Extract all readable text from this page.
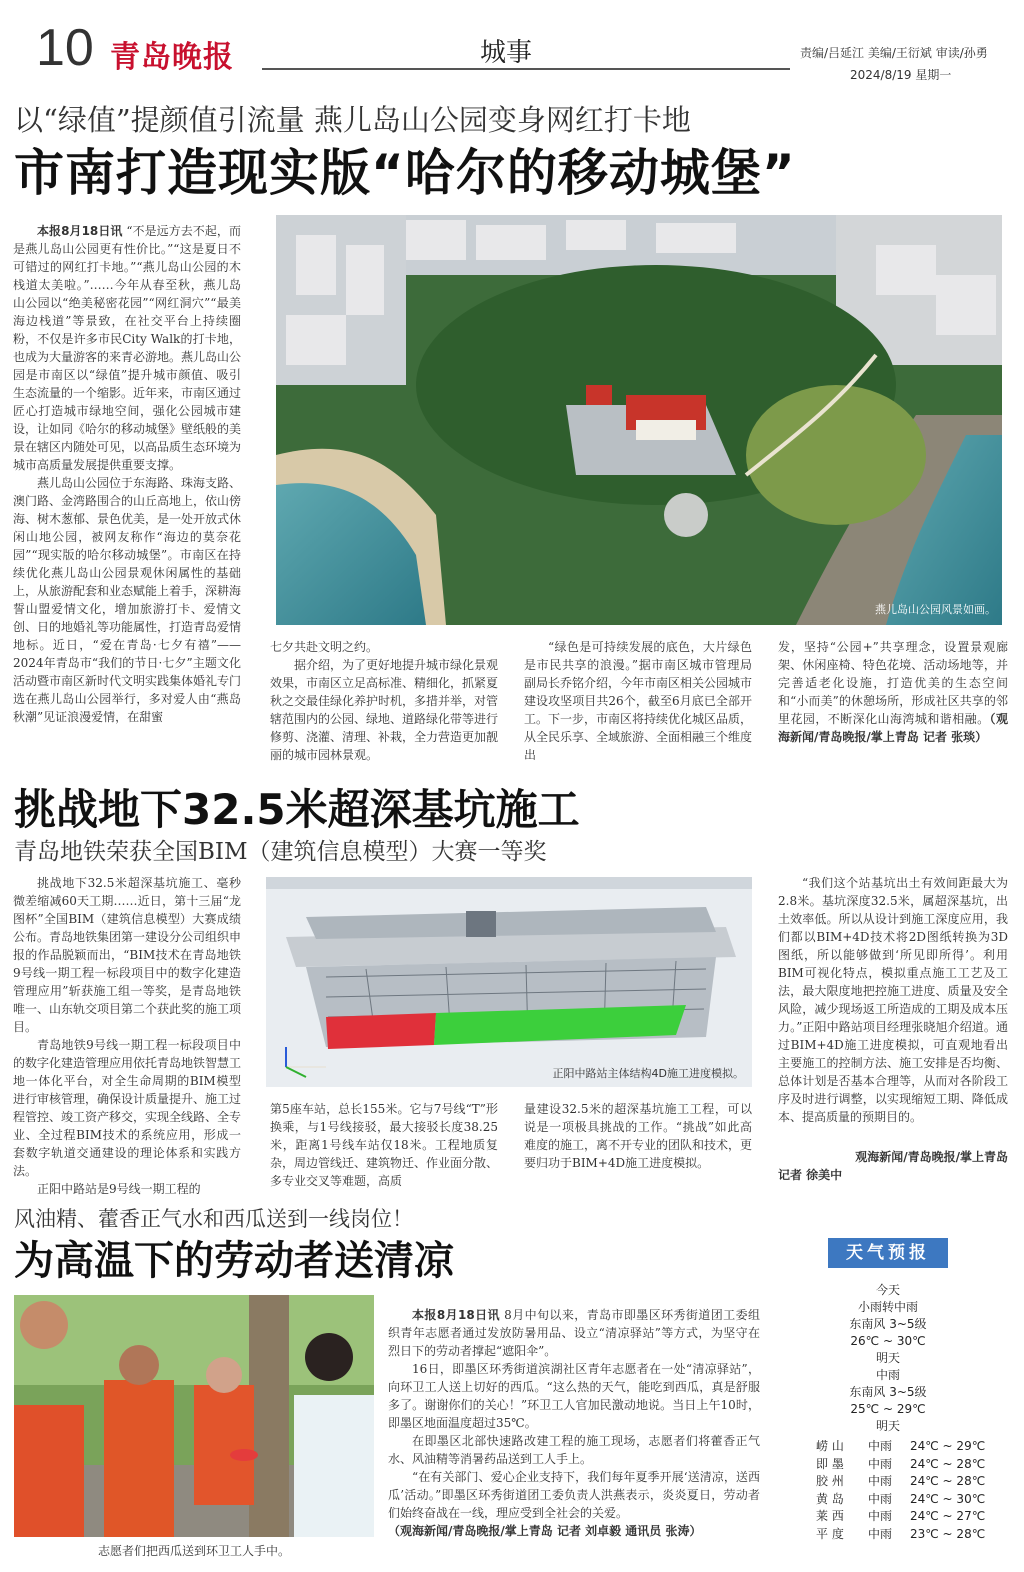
10 青岛晚报	城事	责编/吕延江 美编/王衍斌 审读/孙勇
2024/8/19 星期一
以“绿值”提颜值引流量 燕儿岛山公园变身网红打卡地
市南打造现实版“哈尔的移动城堡”

本报8月18日讯 “不是远方去不起，而是燕儿岛山公园更有性价比。”“这是夏日不可错过的网红打卡地。”“燕儿岛山公园的木栈道太美啦。”……今年从春至秋，燕儿岛山公园以“绝美秘密花园”“网红洞穴”“最美海边栈道”等景致，在社交平台上持续圈粉，不仅是许多市民City Walk的打卡地，也成为大量游客的来青必游地。燕儿岛山公园是市南区以“绿值”提升城市颜值、吸引生态流量的一个缩影。近年来，市南区通过匠心打造城市绿地空间，强化公园城市建设，让如同《哈尔的移动城堡》壁纸般的美景在辖区内随处可见，以高品质生态环境为城市高质量发展提供重要支撑。

燕儿岛山公园位于东海路、珠海支路、澳门路、金湾路围合的山丘高地上，依山傍海、树木葱郁、景色优美，是一处开放式休闲山地公园，被网友称作“海边的莫奈花园”“现实版的哈尔移动城堡”。市南区在持续优化燕儿岛山公园景观休闲属性的基础上，从旅游配套和业态赋能上着手，深耕海誓山盟爱情文化，增加旅游打卡、爱情文创、日的地婚礼等功能属性，打造青岛爱情地标。近日，“爱在青岛·七夕有禧”——2024年青岛市“我们的节日·七夕”主题文化活动暨市南区新时代文明实践集体婚礼专门选在燕儿岛山公园举行，多对爱人由“燕岛秋潮”见证浪漫爱情，在甜蜜

燕儿岛山公园风景如画。

七夕共赴文明之约。

据介绍，为了更好地提升城市绿化景观效果，市南区立足高标准、精细化，抓紧夏秋之交最佳绿化养护时机，多措并举，对管辖范围内的公园、绿地、道路绿化带等进行修剪、浇灌、清理、补栽，全力营造更加靓丽的城市园林景观。

“绿色是可持续发展的底色，大片绿色是市民共享的浪漫。”据市南区城市管理局副局长乔铭介绍，今年市南区相关公园城市建设攻坚项目共26个，截至6月底已全部开工。下一步，市南区将持续优化城区品质，从全民乐享、全域旅游、全面相融三个维度出

发，坚持“公园+”共享理念，设置景观廊架、休闲座椅、特色花境、活动场地等，并完善适老化设施，打造优美的生态空间和“小而美”的休憩场所，形成社区共享的邻里花园，不断深化山海湾城和谐相融。（观海新闻/青岛晚报/掌上青岛 记者 张琰）

挑战地下32.5米超深基坑施工
青岛地铁荣获全国BIM（建筑信息模型）大赛一等奖

挑战地下32.5米超深基坑施工、毫秒微差缩减60天工期……近日，第十三届“龙图杯”全国BIM（建筑信息模型）大赛成绩公布。青岛地铁集团第一建设分公司组织申报的作品脱颖而出，“BIM技术在青岛地铁9号线一期工程一标段项目中的数字化建造管理应用”斩获施工组一等奖，是青岛地铁唯一、山东轨交项目第二个获此奖的施工项目。

青岛地铁9号线一期工程一标段项目中的数字化建造管理应用依托青岛地铁智慧工地一体化平台，对全生命周期的BIM模型进行审核管理，确保设计质量提升、施工过程管控、竣工资产移交，实现全线路、全专业、全过程BIM技术的系统应用，形成一套数字轨道交通建设的理论体系和实践方法。

正阳中路站是9号线一期工程的

正阳中路站主体结构4D施工进度模拟。

第5座车站，总长155米。它与7号线“T”形换乘，与1号线接驳，最大接驳长度38.25米，距离1号线车站仅18米。工程地质复杂，周边管线迁、建筑物迁、作业面分散、多专业交叉等难题，高质

量建设32.5米的超深基坑施工工程，可以说是一项极具挑战的工作。“挑战”如此高难度的施工，离不开专业的团队和技术，更要归功于BIM+4D施工进度模拟。

“我们这个站基坑出土有效间距最大为2.8米。基坑深度32.5米，属超深基坑，出土效率低。所以从设计到施工深度应用，我们都以BIM+4D技术将2D图纸转换为3D图纸，所以能够做到‘所见即所得’。利用BIM可视化特点，模拟重点施工工艺及工法，最大限度地把控施工进度、质量及安全风险，减少现场返工所造成的工期及成本压力。”正阳中路站项目经理张晓旭介绍道。通过BIM+4D施工进度模拟，可直观地看出主要施工的控制方法、施工安排是否均衡、总体计划是否基本合理等，从而对各阶段工序及时进行调整，以实现缩短工期、降低成本、提高质量的预期目的。

观海新闻/青岛晚报/掌上青岛
记者 徐美中
风油精、藿香正气水和西瓜送到一线岗位！
为高温下的劳动者送清凉
志愿者们把西瓜送到环卫工人手中。

本报8月18日讯 8月中旬以来，青岛市即墨区环秀街道团工委组织青年志愿者通过发放防暑用品、设立“清凉驿站”等方式，为坚守在烈日下的劳动者撑起“遮阳伞”。

16日，即墨区环秀街道滨湖社区青年志愿者在一处“清凉驿站”，向环卫工人送上切好的西瓜。“这么热的天气，能吃到西瓜，真是舒服多了。谢谢你们的关心！”环卫工人官加民激动地说。当日上午10时，即墨区地面温度超过35℃。

在即墨区北部快速路改建工程的施工现场，志愿者们将藿香正气水、风油精等消暑药品送到工人手上。

“在有关部门、爱心企业支持下，我们每年夏季开展‘送清凉，送西瓜’活动。”即墨区环秀街道团工委负责人洪燕表示，炎炎夏日，劳动者们始终奋战在一线，理应受到全社会的关爱。

（观海新闻/青岛晚报/掌上青岛 记者 刘卓毅 通讯员 张涛）

天气预报
今天
小雨转中雨
东南风 3~5级
26℃ ~ 30℃
明天
中雨
东南风 3~5级
25℃ ~ 29℃
明天
崂 山 中雨 24℃ ~ 29℃
即 墨 中雨 24℃ ~ 28℃
胶 州 中雨 24℃ ~ 28℃
黄 岛 中雨 24℃ ~ 30℃
莱 西 中雨 24℃ ~ 27℃
平 度 中雨 23℃ ~ 28℃
